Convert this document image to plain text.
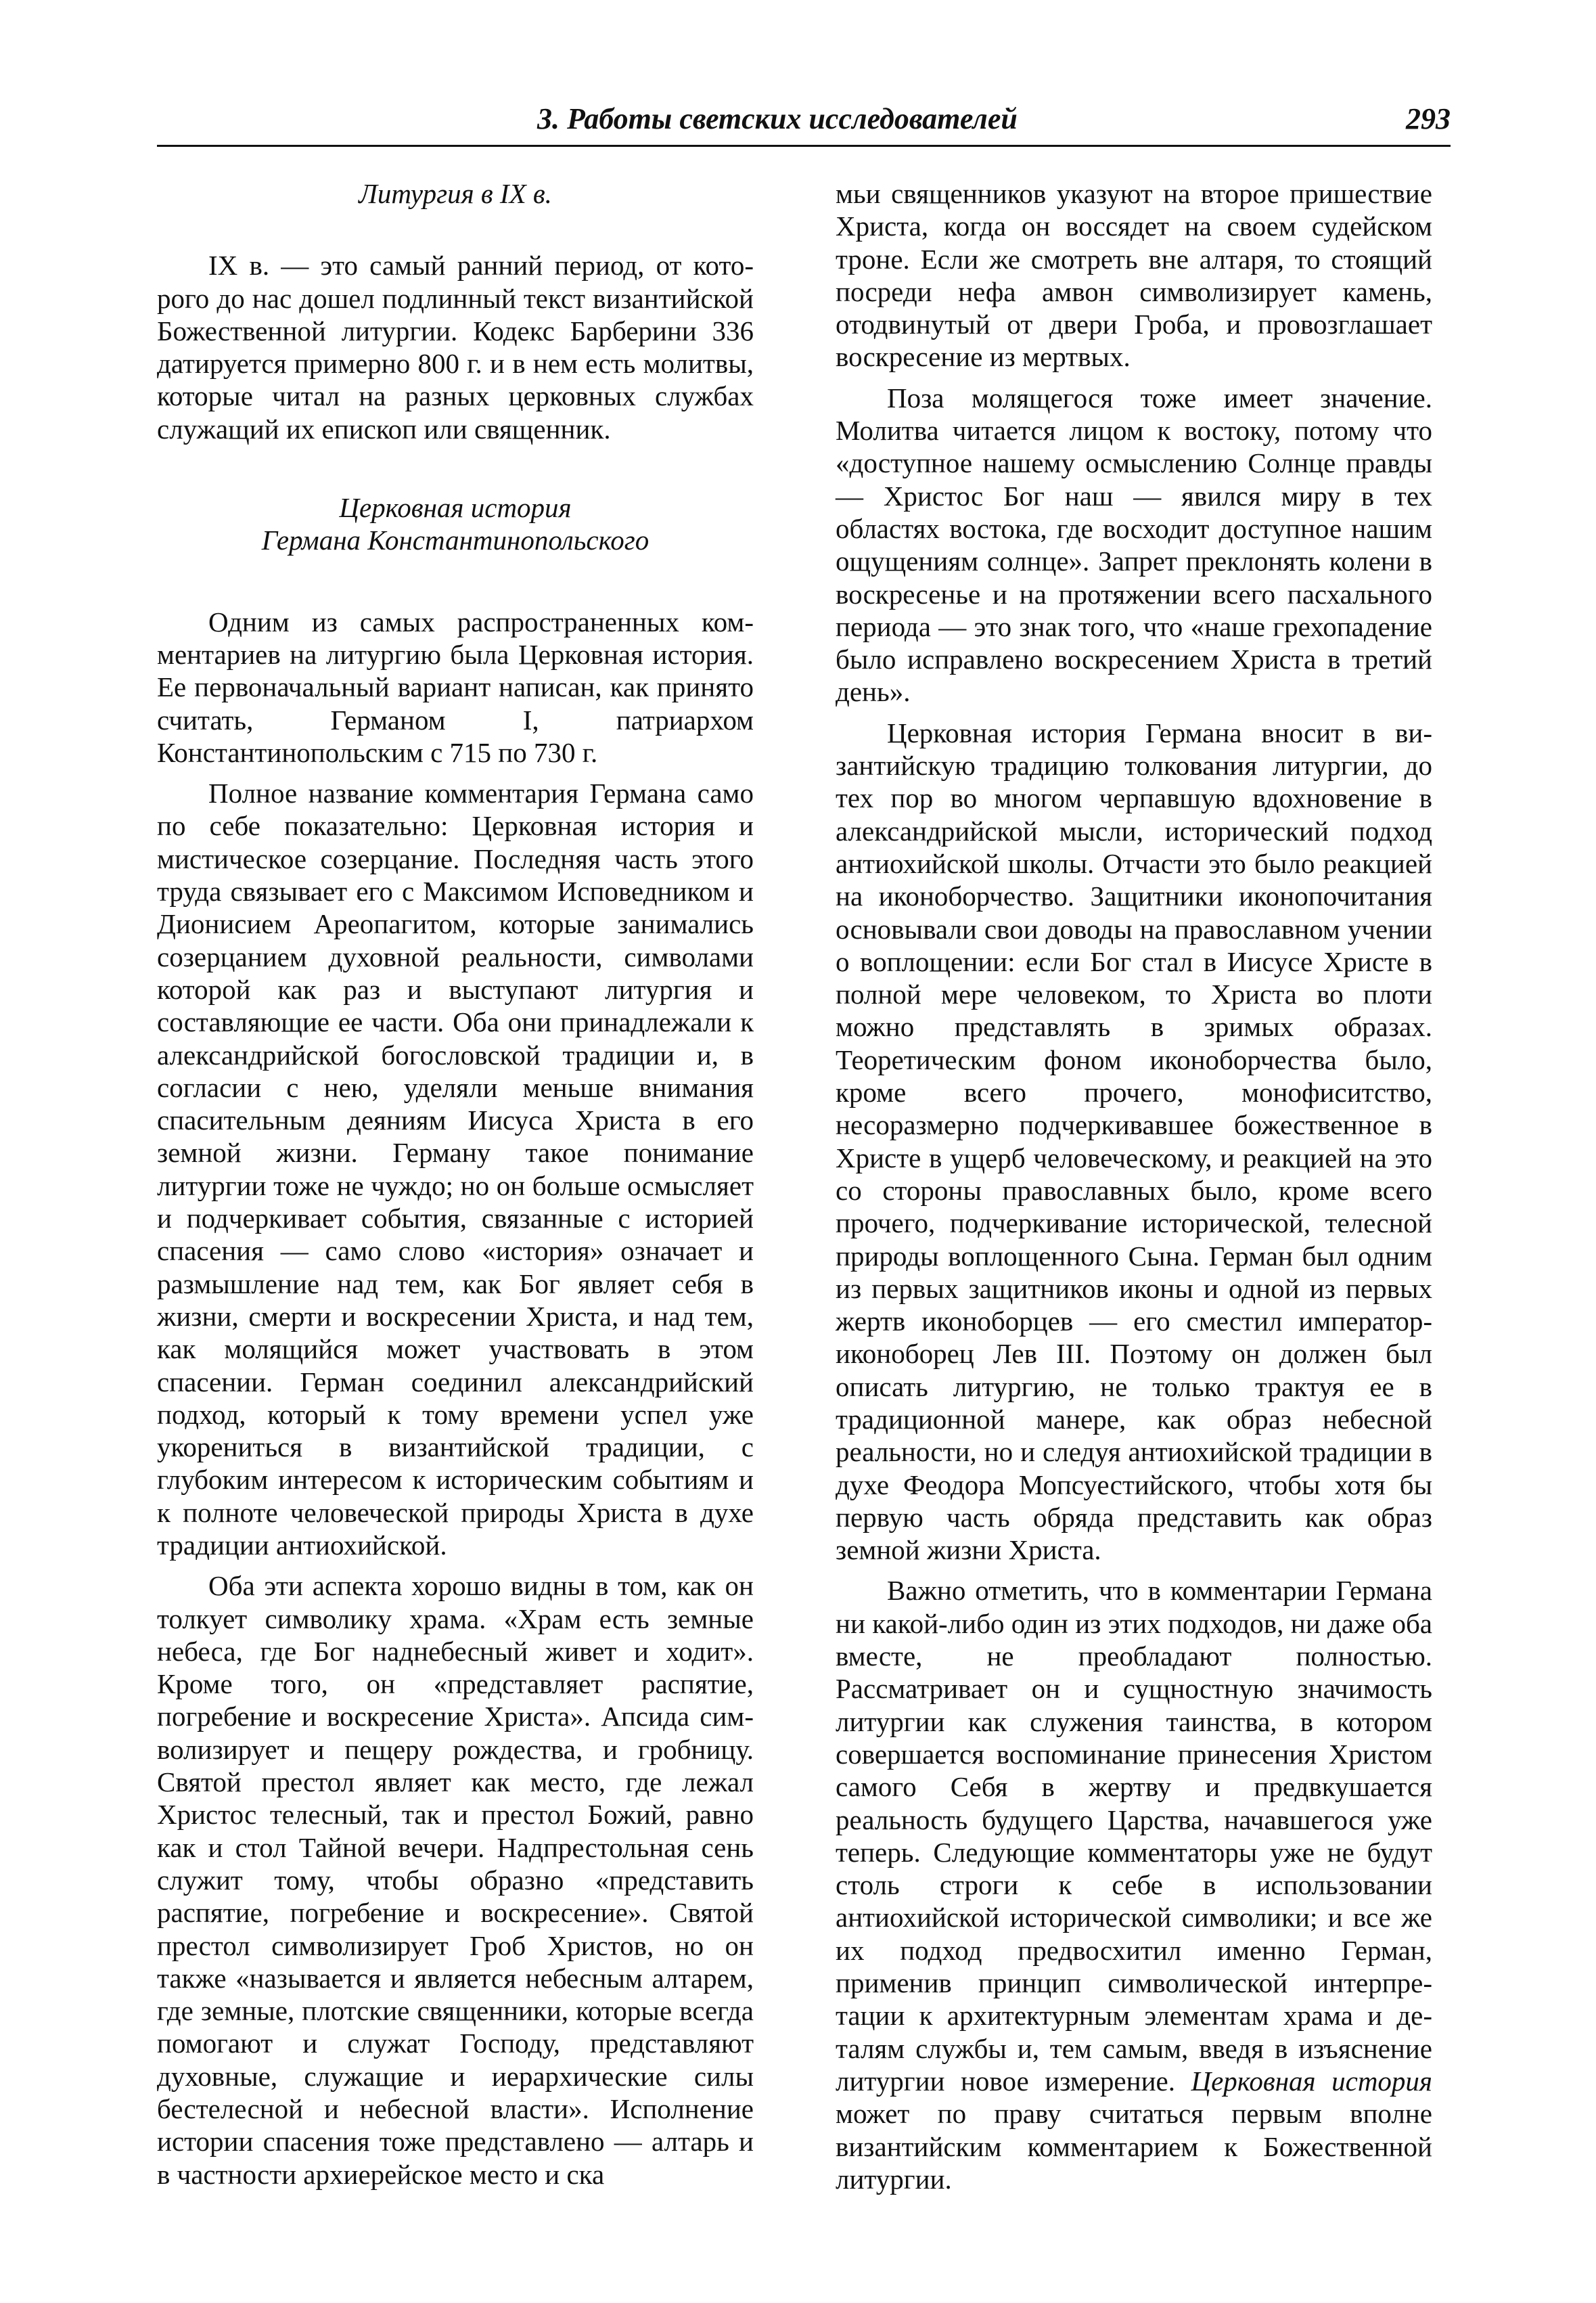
3. Работы светских исследователей	293
Литургия в IX в.

IX в. — это самый ранний период, от которого до нас дошел подлинный текст византийской Божественной литургии. Кодекс Барберини 336 датируется примерно 800 г. и в нем есть молитвы, которые читал на разных церковных службах служащий их епископ или священник.

Церковная история
Германа Константинопольского

Одним из самых распространенных комментариев на литургию была Церковная история. Ее первоначальный вариант написан, как принято считать, Германом I, патриархом Константинопольским с 715 по 730 г.

Полное название комментария Германа само по себе показательно: Церковная история и мистическое созерцание. Последняя часть этого труда связывает его с Максимом Исповедником и Дионисием Ареопагитом, которые занимались созерцанием духовной реальности, символами которой как раз и выступают литургия и составляющие ее части. Оба они принадлежали к александрийской богословской традиции и, в согласии с нею, уделяли меньше внимания спасительным деяниям Иисуса Христа в его земной жизни. Герману такое понимание литургии тоже не чуждо; но он больше осмысляет и подчеркивает события, связанные с историей спасения — само слово «история» означает и размышление над тем, как Бог являет себя в жизни, смерти и воскресении Христа, и над тем, как молящийся может участвовать в этом спасении. Герман соединил александрийский подход, который к тому времени успел уже укорениться в византийской традиции, с глубоким интересом к историческим событиям и к полноте человеческой природы Христа в духе традиции антиохийской.

Оба эти аспекта хорошо видны в том, как он толкует символику храма. «Храм есть земные небеса, где Бог наднебесный живет и ходит». Кроме того, он «представляет распятие, погребение и воскресение Христа». Апсида символизирует и пещеру рождества, и гробницу. Святой престол являет как место, где лежал Христос телесный, так и престол Божий, равно как и стол Тайной вечери. Надпрестольная сень служит тому, чтобы образно «представить распятие, погребение и воскресение». Святой престол символизирует Гроб Христов, но он также «называется и является небесным алтарем, где земные, плотские священники, которые всегда помогают и служат Господу, представляют духовные, служащие и иерархические силы бестелесной и небесной власти». Исполнение истории спасения тоже представлено — алтарь и в частности архиерейское место и ска

мьи священников указуют на второе пришествие Христа, когда он воссядет на своем судейском троне. Если же смотреть вне алтаря, то стоящий посреди нефа амвон символизирует камень, отодвинутый от двери Гроба, и провозглашает воскресение из мертвых.

Поза молящегося тоже имеет значение. Молитва читается лицом к востоку, потому что «доступное нашему осмыслению Солнце правды — Христос Бог наш — явился миру в тех областях востока, где восходит доступное нашим ощущениям солнце». Запрет преклонять колени в воскресенье и на протяжении всего пасхального периода — это знак того, что «наше грехопадение было исправлено воскресением Христа в третий день».

Церковная история Германа вносит в византийскую традицию толкования литургии, до тех пор во многом черпавшую вдохновение в александрийской мысли, исторический подход антиохийской школы. Отчасти это было реакцией на иконоборчество. Защитники иконопочитания основывали свои доводы на православном учении о воплощении: если Бог стал в Иисусе Христе в полной мере человеком, то Христа во плоти можно представлять в зримых образах. Теоретическим фоном иконоборчества было, кроме всего прочего, монофиситство, несоразмерно подчеркивавшее божественное в Христе в ущерб человеческому, и реакцией на это со стороны православных было, кроме всего прочего, подчеркивание исторической, телесной природы воплощенного Сына. Герман был одним из первых защитников иконы и одной из первых жертв иконоборцев — его сместил император-иконоборец Лев III. Поэтому он должен был описать литургию, не только трактуя ее в традиционной манере, как образ небесной реальности, но и следуя антиохийской традиции в духе Феодора Мопсуестийского, чтобы хотя бы первую часть обряда представить как образ земной жизни Христа.

Важно отметить, что в комментарии Германа ни какой-либо один из этих подходов, ни даже оба вместе, не преобладают полностью. Рассматривает он и сущностную значимость литургии как служения таинства, в котором совершается воспоминание принесения Христом самого Себя в жертву и предвкушается реальность будущего Царства, начавшегося уже теперь. Следующие комментаторы уже не будут столь строги к себе в использовании антиохийской исторической символики; и все же их подход предвосхитил именно Герман, применив принцип символической интерпретации к архитектурным элементам храма и деталям службы и, тем самым, введя в изъяснение литургии новое измерение. Церковная история может по праву считаться первым вполне византийским комментарием к Божественной литургии.
